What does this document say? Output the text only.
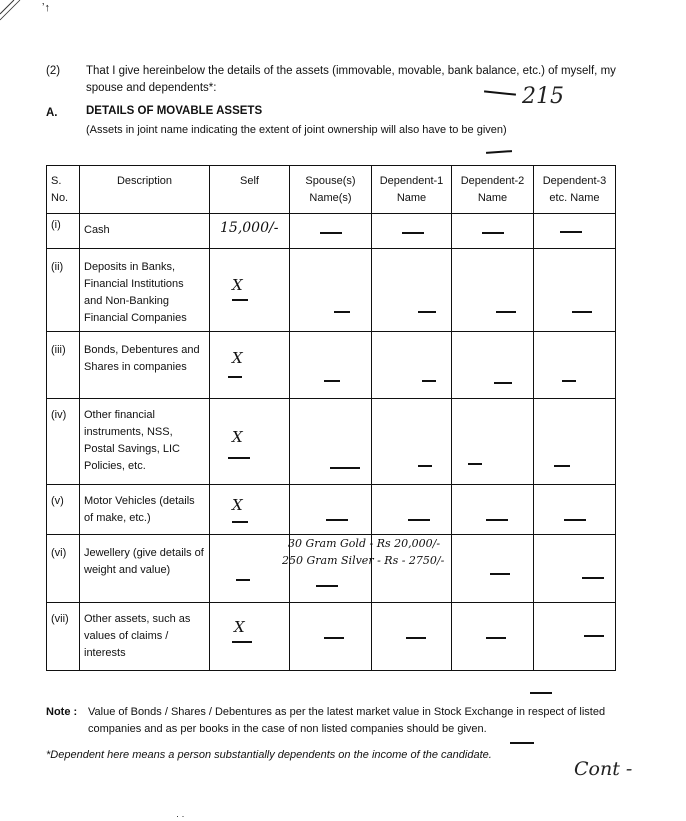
ʼ↑
(2) That I give hereinbelow the details of the assets (immovable, movable, bank balance, etc.) of myself, my spouse and dependents*:	215
A. DETAILS OF MOVABLE ASSETS
(Assets in joint name indicating the extent of joint ownership will also have to be given)
S. No.	Description	Self	Spouse(s) Name(s)	Dependent-1 Name	Dependent-2 Name	Dependent-3 etc. Name
(i)	Cash	15,000/-				

(ii)	Deposits in Banks, Financial Institutions and Non-Banking Financial Companies	X				

(iii)	Bonds, Debentures and Shares in companies	X				

(iv)	Other financial instruments, NSS, Postal Savings, LIC Policies, etc.	X				

(v)	Motor Vehicles (details of make, etc.)	X				

(vi)	Jewellery (give details of weight and value)		30 Gram Gold - Rs 20,000/-
250 Gram Silver - Rs - 2750/-			

(vii)	Other assets, such as values of claims / interests	X				

Note : Value of Bonds / Shares / Debentures as per the latest market value in Stock Exchange in respect of listed companies and as per books in the case of non listed companies should be given.
*Dependent here means a person substantially dependents on the income of the candidate.
Cont -
· ·
